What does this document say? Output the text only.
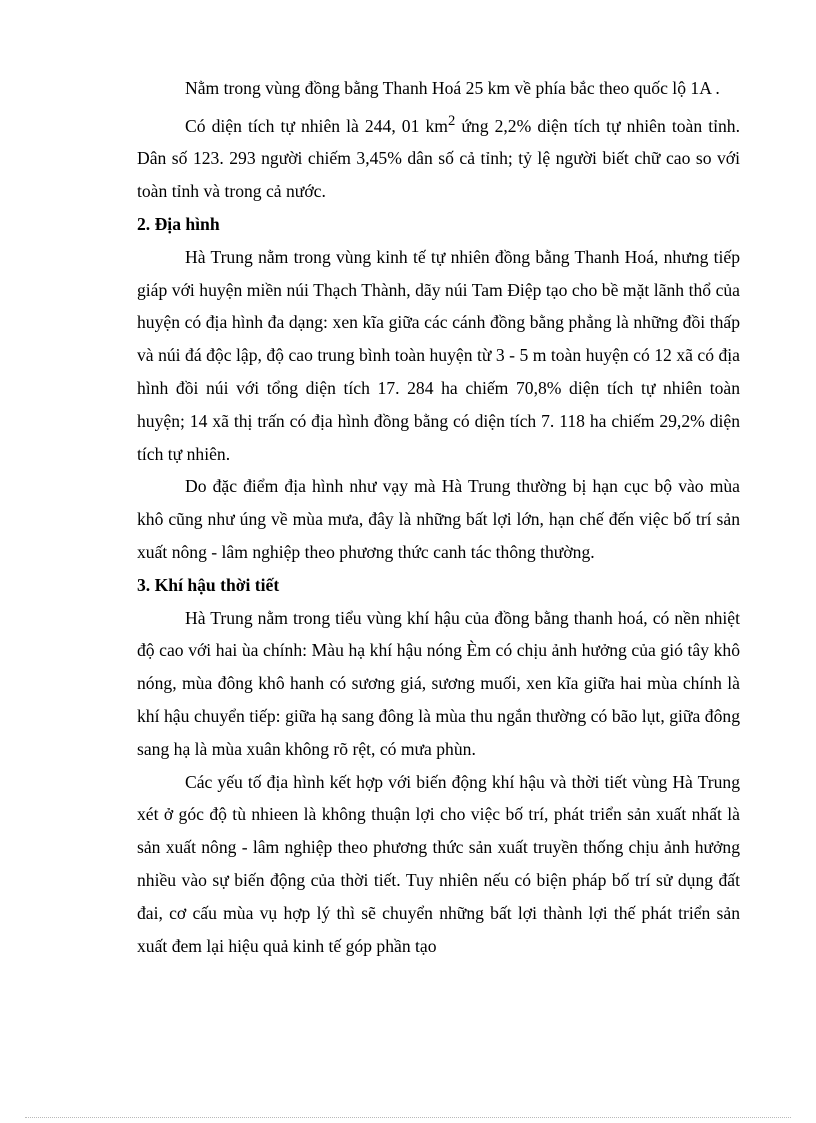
Nằm trong vùng đồng bằng Thanh Hoá 25 km về phía bắc theo quốc lộ 1A .

Có diện tích tự nhiên là 244, 01 $km^2$ ứng 2,2% diện tích tự nhiên toàn tỉnh. Dân số 123. 293 người chiếm 3,45% dân số cả tỉnh; tỷ lệ người biết chữ cao so với toàn tỉnh và trong cả nước.

2. Địa hình

Hà Trung nằm trong vùng kinh tế tự nhiên đồng bằng Thanh Hoá, nhưng tiếp giáp với huyện miền núi Thạch Thành, dãy núi Tam Điệp tạo cho bề mặt lãnh thổ của huyện có địa hình đa dạng: xen kĩa giữa các cánh đồng bằng phẳng là những đồi thấp và núi đá độc lập, độ cao trung bình toàn huyện từ 3 - 5 m toàn huyện có 12 xã có địa hình đồi núi với tổng diện tích 17. 284 ha chiếm 70,8% diện tích tự nhiên toàn huyện; 14 xã thị trấn có địa hình đồng bằng có diện tích 7. 118 ha chiếm 29,2% diện tích tự nhiên.

Do đặc điểm địa hình như vạy mà Hà Trung thường bị hạn cục bộ vào mùa khô cũng như úng về mùa mưa, đây là những bất lợi lớn, hạn chế đến việc bố trí sản xuất nông - lâm nghiệp theo phương thức canh tác thông thường.

3. Khí hậu thời tiết

Hà Trung nằm trong tiểu vùng khí hậu của đồng bằng thanh hoá, có nền nhiệt độ cao với hai ùa chính: Màu hạ khí hậu nóng Èm có chịu ảnh hưởng của gió tây khô nóng, mùa đông khô hanh có sương giá, sương muối, xen kĩa giữa hai mùa chính là khí hậu chuyển tiếp: giữa hạ sang đông là mùa thu ngắn thường có bão lụt, giữa đông sang hạ là mùa xuân không rõ rệt, có mưa phùn.

Các yếu tố địa hình kết hợp với biến động khí hậu và thời tiết vùng Hà Trung xét ở góc độ tù nhieen là không thuận lợi cho việc bố trí, phát triển sản xuất nhất là sản xuất nông - lâm nghiệp theo phương thức sản xuất truyền thống chịu ảnh hưởng nhiều vào sự biến động của thời tiết. Tuy nhiên nếu có biện pháp bố trí sử dụng đất đai, cơ cấu mùa vụ hợp lý thì sẽ chuyển những bất lợi thành lợi thế phát triển sản xuất đem lại hiệu quả kinh tế góp phần tạo
